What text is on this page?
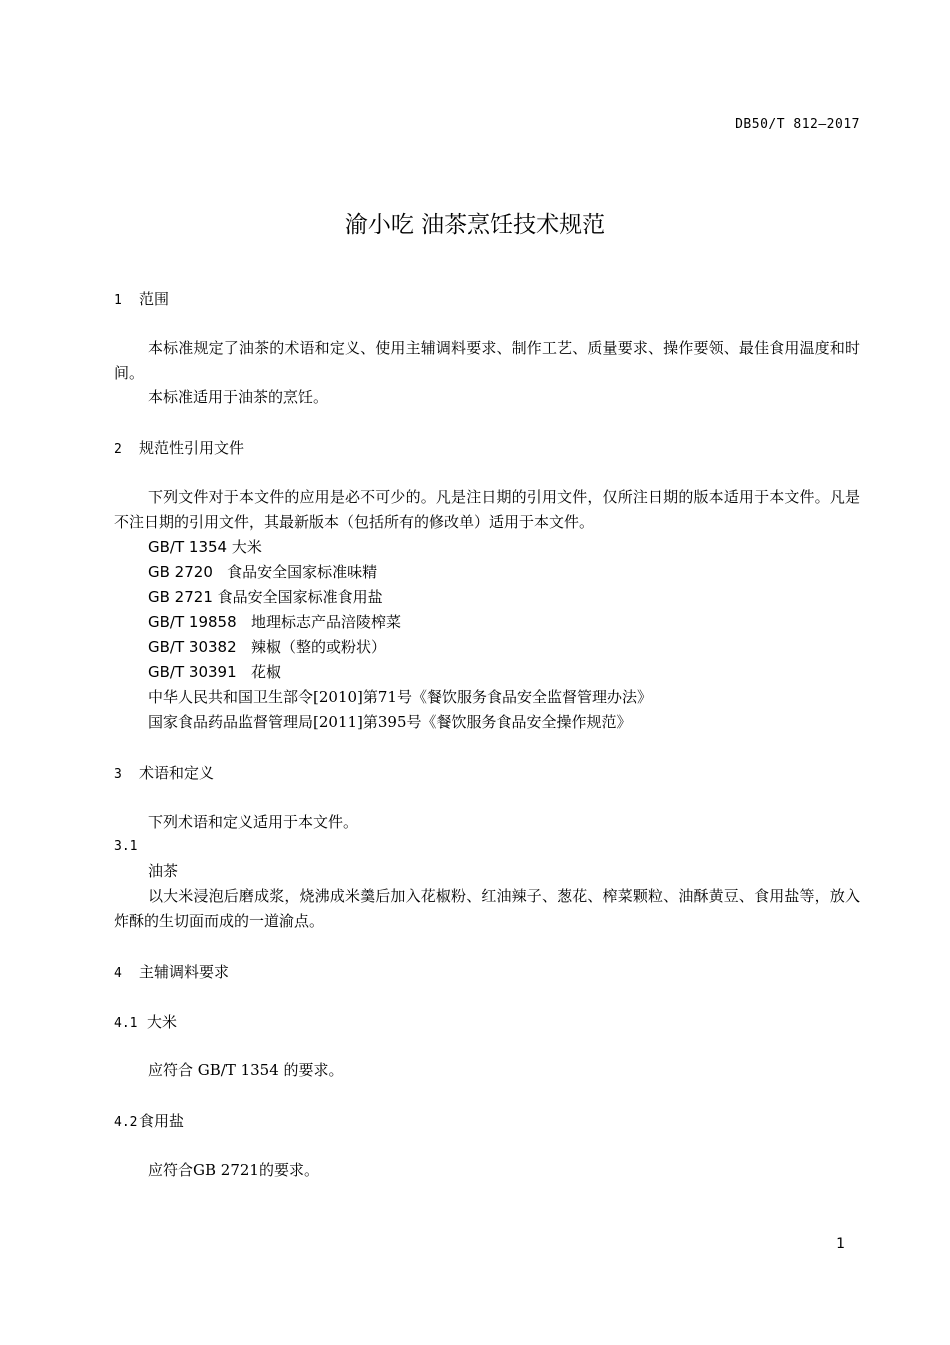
DB50/T 812—2017
渝小吃 油茶烹饪技术规范
1 范围
本标准规定了油茶的术语和定义、使用主辅调料要求、制作工艺、质量要求、操作要领、最佳食用温度和时间。
本标准适用于油茶的烹饪。
2 规范性引用文件
下列文件对于本文件的应用是必不可少的。凡是注日期的引用文件，仅所注日期的版本适用于本文件。凡是不注日期的引用文件，其最新版本（包括所有的修改单）适用于本文件。
GB/T 1354 大米
GB 2720 食品安全国家标准味精
GB 2721 食品安全国家标准食用盐
GB/T 19858 地理标志产品涪陵榨菜
GB/T 30382 辣椒（整的或粉状）
GB/T 30391 花椒
中华人民共和国卫生部令[2010]第71号《餐饮服务食品安全监督管理办法》
国家食品药品监督管理局[2011]第395号《餐饮服务食品安全操作规范》
3 术语和定义
下列术语和定义适用于本文件。
3.1
油茶
以大米浸泡后磨成浆，烧沸成米羹后加入花椒粉、红油辣子、葱花、榨菜颗粒、油酥黄豆、食用盐等，放入炸酥的生切面而成的一道渝点。
4 主辅调料要求
4.1 大米
应符合 GB/T 1354 的要求。
4.2 食用盐
应符合GB 2721的要求。
1
